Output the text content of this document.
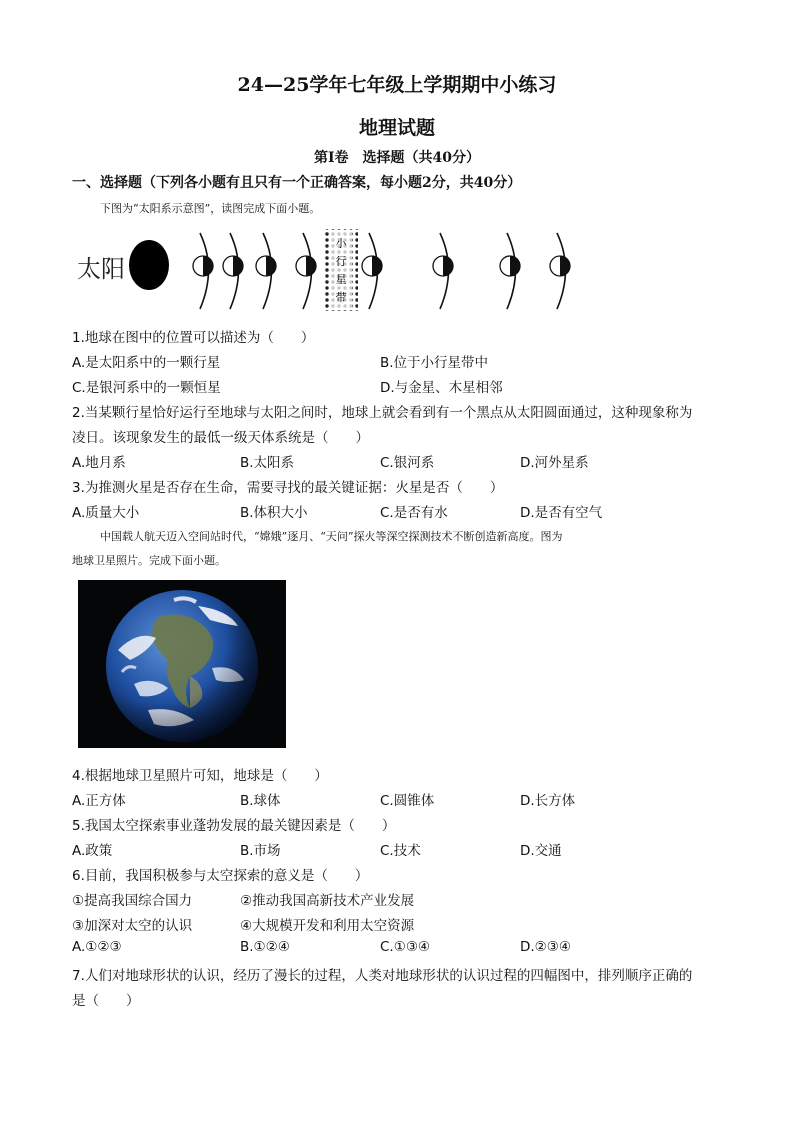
24—25学年七年级上学期期中小练习
地理试题
第Ⅰ卷　选择题（共40分）
一、选择题（下列各小题有且只有一个正确答案，每小题2分，共40分）
下图为“太阳系示意图”，读图完成下面小题。
太阳
小
行
星
带
1.地球在图中的位置可以描述为（　　）
A.是太阳系中的一颗行星	B.位于小行星带中
C.是银河系中的一颗恒星	D.与金星、木星相邻
2.当某颗行星恰好运行至地球与太阳之间时，地球上就会看到有一个黑点从太阳圆面通过，这种现象称为
凌日。该现象发生的最低一级天体系统是（　　）
A.地月系	B.太阳系	C.银河系	D.河外星系
3.为推测火星是否存在生命，需要寻找的最关键证据：火星是否（　　）
A.质量大小	B.体积大小	C.是否有水	D.是否有空气
中国载人航天迈入空间站时代，“嫦娥”逐月、“天问”探火等深空探测技术不断创造新高度。图为
地球卫星照片。完成下面小题。
4.根据地球卫星照片可知，地球是（　　）
A.正方体	B.球体	C.圆锥体	D.长方体
5.我国太空探索事业蓬勃发展的最关键因素是（　　）
A.政策	B.市场	C.技术	D.交通
6.目前，我国积极参与太空探索的意义是（　　）
①提高我国综合国力	②推动我国高新技术产业发展
③加深对太空的认识	④大规模开发和利用太空资源
A.①②③	B.①②④	C.①③④	D.②③④
7.人们对地球形状的认识，经历了漫长的过程，人类对地球形状的认识过程的四幅图中，排列顺序正确的
是（　　）
